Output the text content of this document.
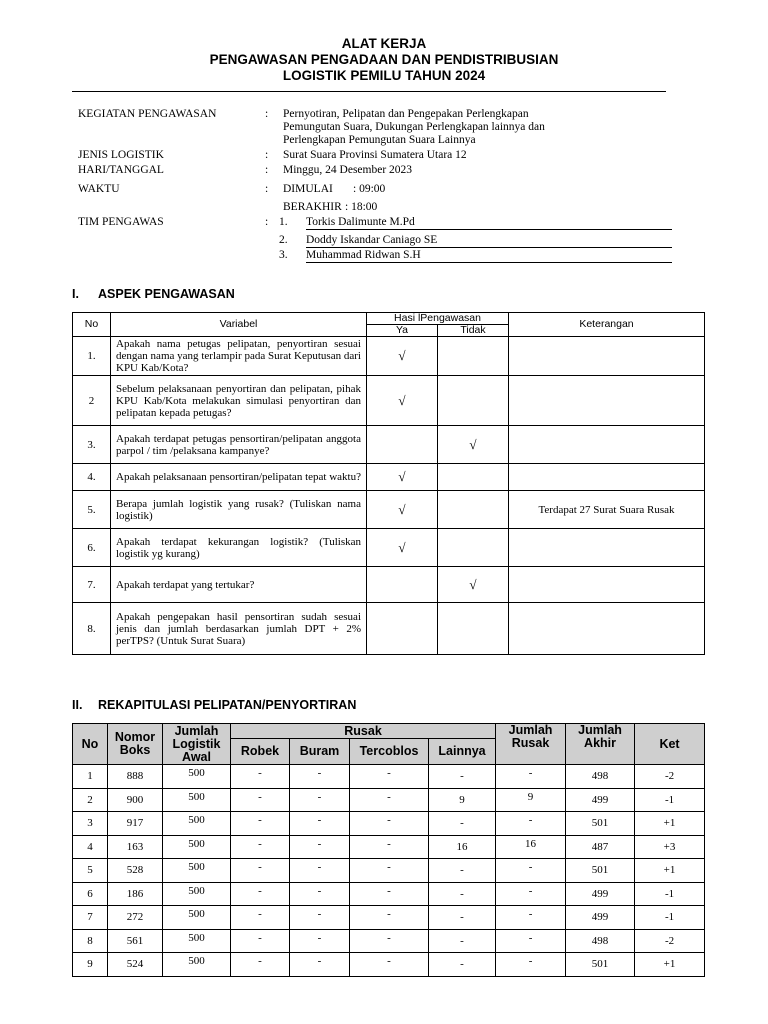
ALAT KERJA
PENGAWASAN PENGADAAN DAN PENDISTRIBUSIAN
LOGISTIK PEMILU TAHUN 2024
KEGIATAN PENGAWASAN	: Pernyotiran, Pelipatan dan Pengepakan Perlengkapan
Pemungutan Suara, Dukungan Perlengkapan lainnya dan
Perlengkapan Pemungutan Suara Lainnya
JENIS LOGISTIK	: Surat Suara Provinsi Sumatera Utara 12
HARI/TANGGAL	: Minggu, 24 Desember 2023
WAKTU	: DIMULAI : 09:00
BERAKHIR : 18:00
TIM PENGAWAS	: 1. Torkis Dalimunte M.Pd
2. Doddy Iskandar Caniago SE
3. Muhammad Ridwan S.H
I. ASPEK PENGAWASAN
No	Variabel	Hasi lPengawasan		Keterangan
		Ya	Tidak	
1.	Apakah nama petugas pelipatan, penyortiran sesuai dengan nama yang terlampir pada Surat Keputusan dari KPU Kab/Kota?	√		
2	Sebelum pelaksanaan penyortiran dan pelipatan, pihak KPU Kab/Kota melakukan simulasi penyortiran dan pelipatan kepada petugas?	√		
3.	Apakah terdapat petugas pensortiran/pelipatan anggota parpol / tim /pelaksana kampanye?		√	
4.	Apakah pelaksanaan pensortiran/pelipatan tepat waktu?	√		
5.	Berapa jumlah logistik yang rusak? (Tuliskan nama logistik)	√		Terdapat 27 Surat Suara Rusak
6.	Apakah terdapat kekurangan logistik? (Tuliskan logistik yg kurang)	√		
7.	Apakah terdapat yang tertukar?		√	
8.	Apakah pengepakan hasil pensortiran sudah sesuai jenis dan jumlah berdasarkan jumlah DPT + 2% perTPS? (Untuk Surat Suara)			
II. REKAPITULASI PELIPATAN/PENYORTIRAN
No	Nomor Boks	Jumlah Logistik Awal	Rusak				Jumlah Rusak	Jumlah Akhir	Ket
			Robek	Buram	Tercoblos	Lainnya			
1	888	500	-	-	-	-	-	498	-2
2	900	500	-	-	-	9	9	499	-1
3	917	500	-	-	-	-	-	501	+1
4	163	500	-	-	-	16	16	487	+3
5	528	500	-	-	-	-	-	501	+1
6	186	500	-	-	-	-	-	499	-1
7	272	500	-	-	-	-	-	499	-1
8	561	500	-	-	-	-	-	498	-2
9	524	500	-	-	-	-	-	501	+1
